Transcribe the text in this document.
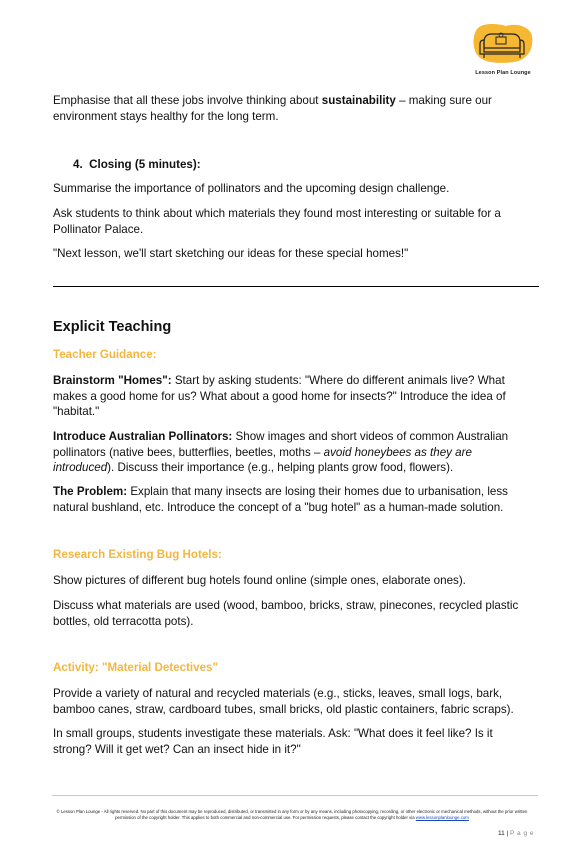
Lesson Plan Lounge

Emphasise that all these jobs involve thinking about sustainability – making sure our environment stays healthy for the long term.

4. Closing (5 minutes):

Summarise the importance of pollinators and the upcoming design challenge.

Ask students to think about which materials they found most interesting or suitable for a Pollinator Palace.

"Next lesson, we'll start sketching our ideas for these special homes!"

Explicit Teaching
Teacher Guidance:

Brainstorm "Homes": Start by asking students: "Where do different animals live? What makes a good home for us? What about a good home for insects?" Introduce the idea of "habitat."

Introduce Australian Pollinators: Show images and short videos of common Australian pollinators (native bees, butterflies, beetles, moths – avoid honeybees as they are introduced). Discuss their importance (e.g., helping plants grow food, flowers).

The Problem: Explain that many insects are losing their homes due to urbanisation, less natural bushland, etc. Introduce the concept of a "bug hotel" as a human-made solution.

Research Existing Bug Hotels:

Show pictures of different bug hotels found online (simple ones, elaborate ones).

Discuss what materials are used (wood, bamboo, bricks, straw, pinecones, recycled plastic bottles, old terracotta pots).

Activity: "Material Detectives"

Provide a variety of natural and recycled materials (e.g., sticks, leaves, small logs, bark, bamboo canes, straw, cardboard tubes, small bricks, old plastic containers, fabric scraps).

In small groups, students investigate these materials. Ask: "What does it feel like? Is it strong? Will it get wet? Can an insect hide in it?"

© Lesson Plan Lounge - All rights reserved. No part of this document may be reproduced, distributed, or transmitted in any form or by any means, including photocopying, recording, or other electronic or mechanical methods, without the prior written permission of the copyright holder. This applies to both commercial and non-commercial use. For permission requests, please contact the copyright holder via www.lessonplanlounge.com
11 | P a g e
